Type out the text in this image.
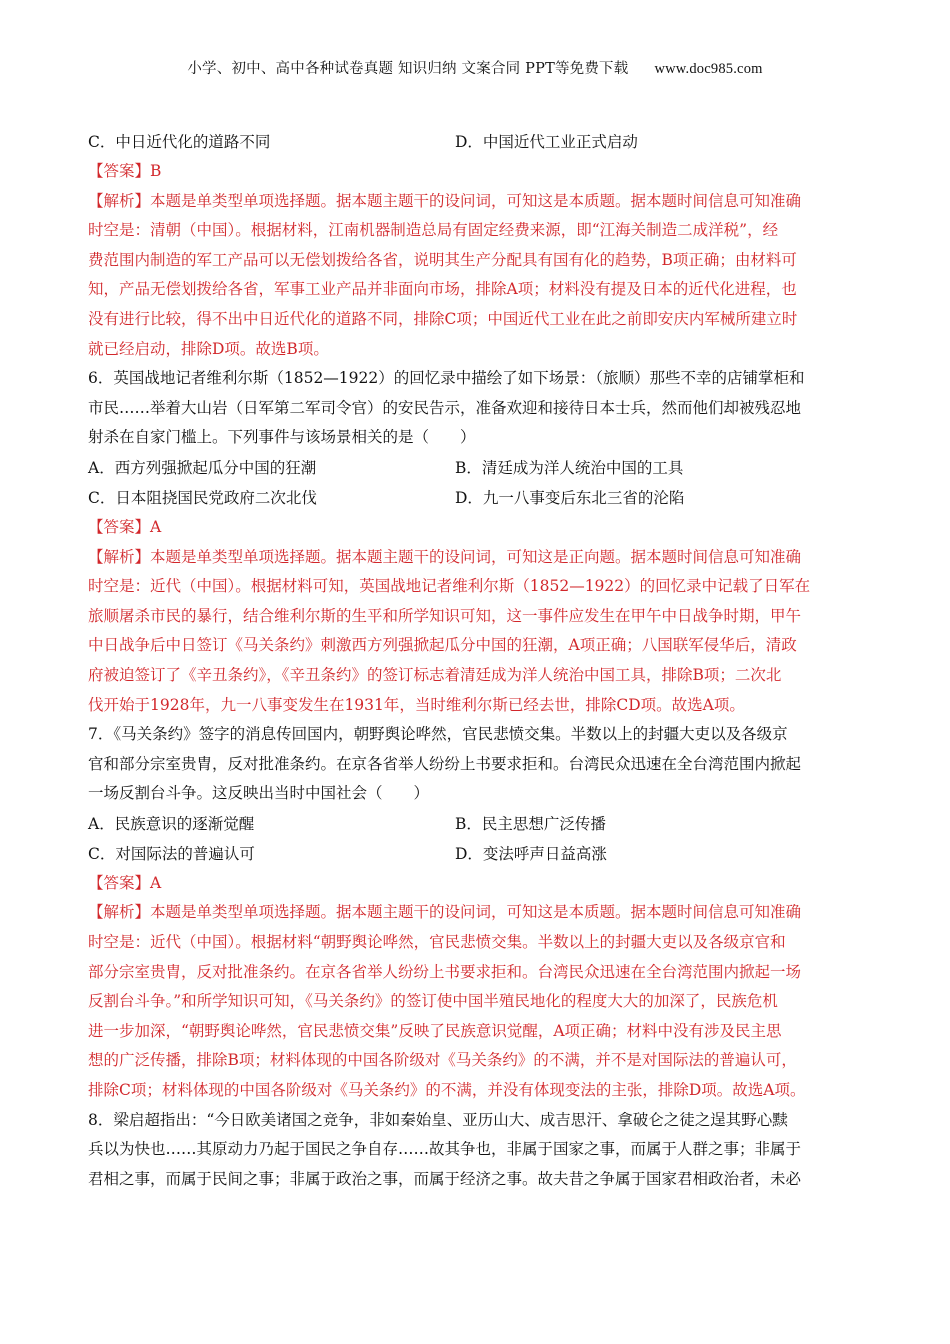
小学、初中、高中各种试卷真题 知识归纳 文案合同 PPT等免费下载 www.doc985.com
C．中日近代化的道路不同	D．中国近代工业正式启动
【答案】B
【解析】本题是单类型单项选择题。据本题主题干的设问词，可知这是本质题。据本题时间信息可知准确
时空是：清朝（中国）。根据材料，江南机器制造总局有固定经费来源，即“江海关制造二成洋税”，经
费范围内制造的军工产品可以无偿划拨给各省，说明其生产分配具有国有化的趋势，B项正确；由材料可
知，产品无偿划拨给各省，军事工业产品并非面向市场，排除A项；材料没有提及日本的近代化进程，也
没有进行比较，得不出中日近代化的道路不同，排除C项；中国近代工业在此之前即安庆内军械所建立时
就已经启动，排除D项。故选B项。
6．英国战地记者维利尔斯（1852—1922）的回忆录中描绘了如下场景：（旅顺）那些不幸的店铺掌柜和
市民……举着大山岩（日军第二军司令官）的安民告示，准备欢迎和接待日本士兵，然而他们却被残忍地
射杀在自家门槛上。下列事件与该场景相关的是（　　）
A．西方列强掀起瓜分中国的狂潮	B．清廷成为洋人统治中国的工具
C．日本阻挠国民党政府二次北伐	D．九一八事变后东北三省的沦陷
【答案】A
【解析】本题是单类型单项选择题。据本题主题干的设问词，可知这是正向题。据本题时间信息可知准确
时空是：近代（中国）。根据材料可知，英国战地记者维利尔斯（1852—1922）的回忆录中记载了日军在
旅顺屠杀市民的暴行，结合维利尔斯的生平和所学知识可知，这一事件应发生在甲午中日战争时期，甲午
中日战争后中日签订《马关条约》刺激西方列强掀起瓜分中国的狂潮，A项正确；八国联军侵华后，清政
府被迫签订了《辛丑条约》，《辛丑条约》的签订标志着清廷成为洋人统治中国工具，排除B项；二次北
伐开始于1928年，九一八事变发生在1931年，当时维利尔斯已经去世，排除CD项。故选A项。
7．《马关条约》签字的消息传回国内，朝野舆论哗然，官民悲愤交集。半数以上的封疆大吏以及各级京
官和部分宗室贵胄，反对批准条约。在京各省举人纷纷上书要求拒和。台湾民众迅速在全台湾范围内掀起
一场反割台斗争。这反映出当时中国社会（　　）
A．民族意识的逐渐觉醒	B．民主思想广泛传播
C．对国际法的普遍认可	D．变法呼声日益高涨
【答案】A
【解析】本题是单类型单项选择题。据本题主题干的设问词，可知这是本质题。据本题时间信息可知准确
时空是：近代（中国）。根据材料“朝野舆论哗然，官民悲愤交集。半数以上的封疆大吏以及各级京官和
部分宗室贵胄，反对批准条约。在京各省举人纷纷上书要求拒和。台湾民众迅速在全台湾范围内掀起一场
反割台斗争。”和所学知识可知，《马关条约》的签订使中国半殖民地化的程度大大的加深了，民族危机
进一步加深，“朝野舆论哗然，官民悲愤交集”反映了民族意识觉醒，A项正确；材料中没有涉及民主思
想的广泛传播，排除B项；材料体现的中国各阶级对《马关条约》的不满，并不是对国际法的普遍认可，
排除C项；材料体现的中国各阶级对《马关条约》的不满，并没有体现变法的主张，排除D项。故选A项。
8．梁启超指出：“今日欧美诸国之竞争，非如秦始皇、亚历山大、成吉思汗、拿破仑之徒之逞其野心黩
兵以为快也……其原动力乃起于国民之争自存……故其争也，非属于国家之事，而属于人群之事；非属于
君相之事，而属于民间之事；非属于政治之事，而属于经济之事。故夫昔之争属于国家君相政治者，未必
